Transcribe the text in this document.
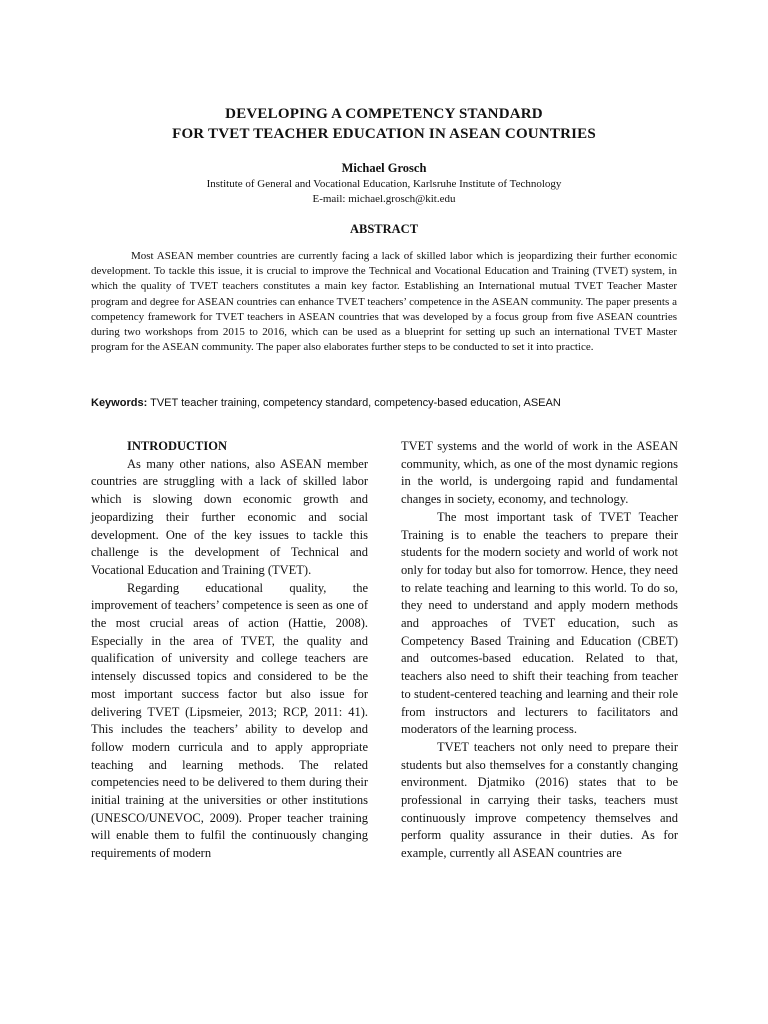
DEVELOPING A COMPETENCY STANDARD
FOR TVET TEACHER EDUCATION IN ASEAN COUNTRIES
Michael Grosch
Institute of General and Vocational Education, Karlsruhe Institute of Technology
E-mail: michael.grosch@kit.edu
ABSTRACT

Most ASEAN member countries are currently facing a lack of skilled labor which is jeopardizing their further economic development. To tackle this issue, it is crucial to improve the Technical and Vocational Education and Training (TVET) system, in which the quality of TVET teachers constitutes a main key factor. Establishing an International mutual TVET Teacher Master program and degree for ASEAN countries can enhance TVET teachers’ competence in the ASEAN community. The paper presents a competency framework for TVET teachers in ASEAN countries that was developed by a focus group from five ASEAN countries during two workshops from 2015 to 2016, which can be used as a blueprint for setting up such an international TVET Master program for the ASEAN community. The paper also elaborates further steps to be conducted to set it into practice.

Keywords: TVET teacher training, competency standard, competency-based education, ASEAN

INTRODUCTION

As many other nations, also ASEAN member countries are struggling with a lack of skilled labor which is slowing down economic growth and jeopardizing their further economic and social development. One of the key issues to tackle this challenge is the development of Technical and Vocational Education and Training (TVET).

Regarding educational quality, the improvement of teachers’ competence is seen as one of the most crucial areas of action (Hattie, 2008). Especially in the area of TVET, the quality and qualification of university and college teachers are intensely discussed topics and considered to be the most important success factor but also issue for delivering TVET (Lipsmeier, 2013; RCP, 2011: 41). This includes the teachers’ ability to develop and follow modern curricula and to apply appropriate teaching and learning methods. The related competencies need to be delivered to them during their initial training at the universities or other institutions (UNESCO/UNEVOC, 2009). Proper teacher training will enable them to fulfil the continuously changing requirements of modern

TVET systems and the world of work in the ASEAN community, which, as one of the most dynamic regions in the world, is undergoing rapid and fundamental changes in society, economy, and technology.

The most important task of TVET Teacher Training is to enable the teachers to prepare their students for the modern society and world of work not only for today but also for tomorrow. Hence, they need to relate teaching and learning to this world. To do so, they need to understand and apply modern methods and approaches of TVET education, such as Competency Based Training and Education (CBET) and outcomes-based education. Related to that, teachers also need to shift their teaching from teacher to student-centered teaching and learning and their role from instructors and lecturers to facilitators and moderators of the learning process.

TVET teachers not only need to prepare their students but also themselves for a constantly changing environment. Djatmiko (2016) states that to be professional in carrying their tasks, teachers must continuously improve competency themselves and perform quality assurance in their duties. As for example, currently all ASEAN countries are
